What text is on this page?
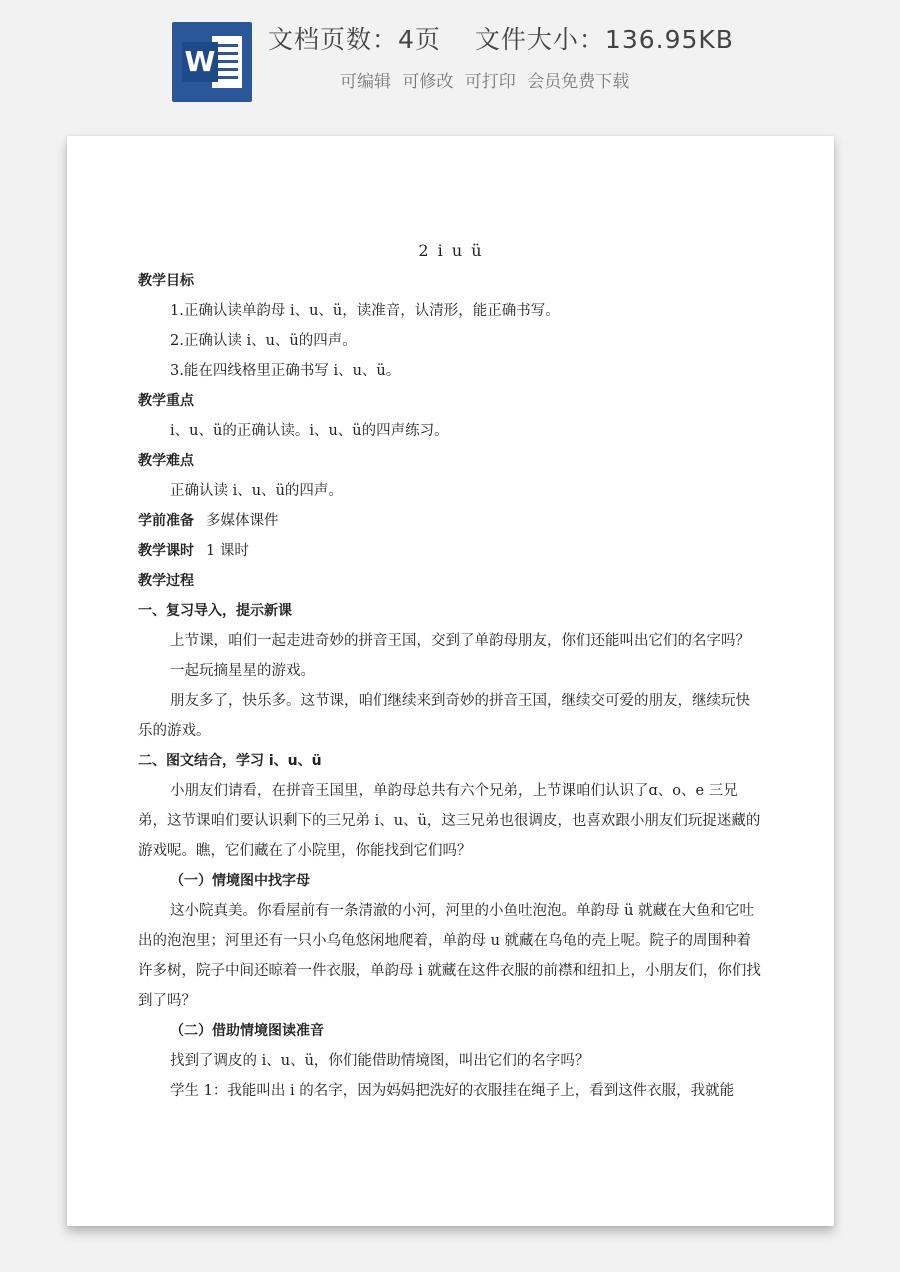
W
文档页数：4页 文件大小：136.95KB
可编辑 可修改 可打印 会员免费下载
2 i u ü
教学目标
1.正确认读单韵母 i、u、ü，读准音，认清形，能正确书写。
2.正确认读 i、u、ü的四声。
3.能在四线格里正确书写 i、u、ü。
教学重点
i、u、ü的正确认读。i、u、ü的四声练习。
教学难点
正确认读 i、u、ü的四声。
学前准备 多媒体课件
教学课时 1 课时
教学过程
一、复习导入，提示新课
上节课，咱们一起走进奇妙的拼音王国，交到了单韵母朋友，你们还能叫出它们的名字吗？
一起玩摘星星的游戏。
朋友多了，快乐多。这节课，咱们继续来到奇妙的拼音王国，继续交可爱的朋友，继续玩快乐的游戏。
二、图文结合，学习 i、u、ü
小朋友们请看，在拼音王国里，单韵母总共有六个兄弟，上节课咱们认识了ɑ、o、e 三兄弟，这节课咱们要认识剩下的三兄弟 i、u、ü，这三兄弟也很调皮，也喜欢跟小朋友们玩捉迷藏的游戏呢。瞧，它们藏在了小院里，你能找到它们吗？
（一）情境图中找字母
这小院真美。你看屋前有一条清澈的小河，河里的小鱼吐泡泡。单韵母 ü 就藏在大鱼和它吐出的泡泡里；河里还有一只小乌龟悠闲地爬着，单韵母 u 就藏在乌龟的壳上呢。院子的周围种着许多树，院子中间还晾着一件衣服，单韵母 i 就藏在这件衣服的前襟和纽扣上，小朋友们，你们找到了吗？
（二）借助情境图读准音
找到了调皮的 i、u、ü，你们能借助情境图，叫出它们的名字吗？
学生 1：我能叫出 i 的名字，因为妈妈把洗好的衣服挂在绳子上，看到这件衣服，我就能
